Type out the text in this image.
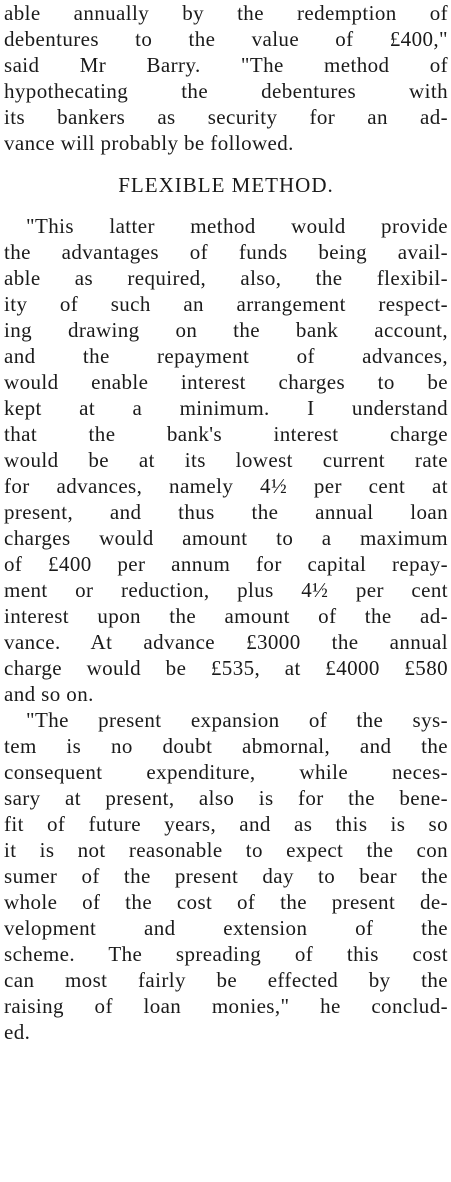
able annually by the redemption of
debentures to the value of £400,"
said Mr Barry. "The method of
hypothecating the debentures with
its bankers as security for an ad-
vance will probably be followed.
FLEXIBLE METHOD.
"This latter method would provide
the advantages of funds being avail-
able as required, also, the flexibil-
ity of such an arrangement respect-
ing drawing on the bank account,
and the repayment of advances,
would enable interest charges to be
kept at a minimum. I understand
that the bank's interest charge
would be at its lowest current rate
for advances, namely 4½ per cent at
present, and thus the annual loan
charges would amount to a maximum
of £400 per annum for capital repay-
ment or reduction, plus 4½ per cent
interest upon the amount of the ad-
vance. At advance £3000 the annual
charge would be £535, at £4000 £580
and so on.
"The present expansion of the sys-
tem is no doubt abmornal, and the
consequent expenditure, while neces-
sary at present, also is for the bene-
fit of future years, and as this is so
it is not reasonable to expect the con
sumer of the present day to bear the
whole of the cost of the present de-
velopment and extension of the
scheme. The spreading of this cost
can most fairly be effected by the
raising of loan monies," he conclud-
ed.
